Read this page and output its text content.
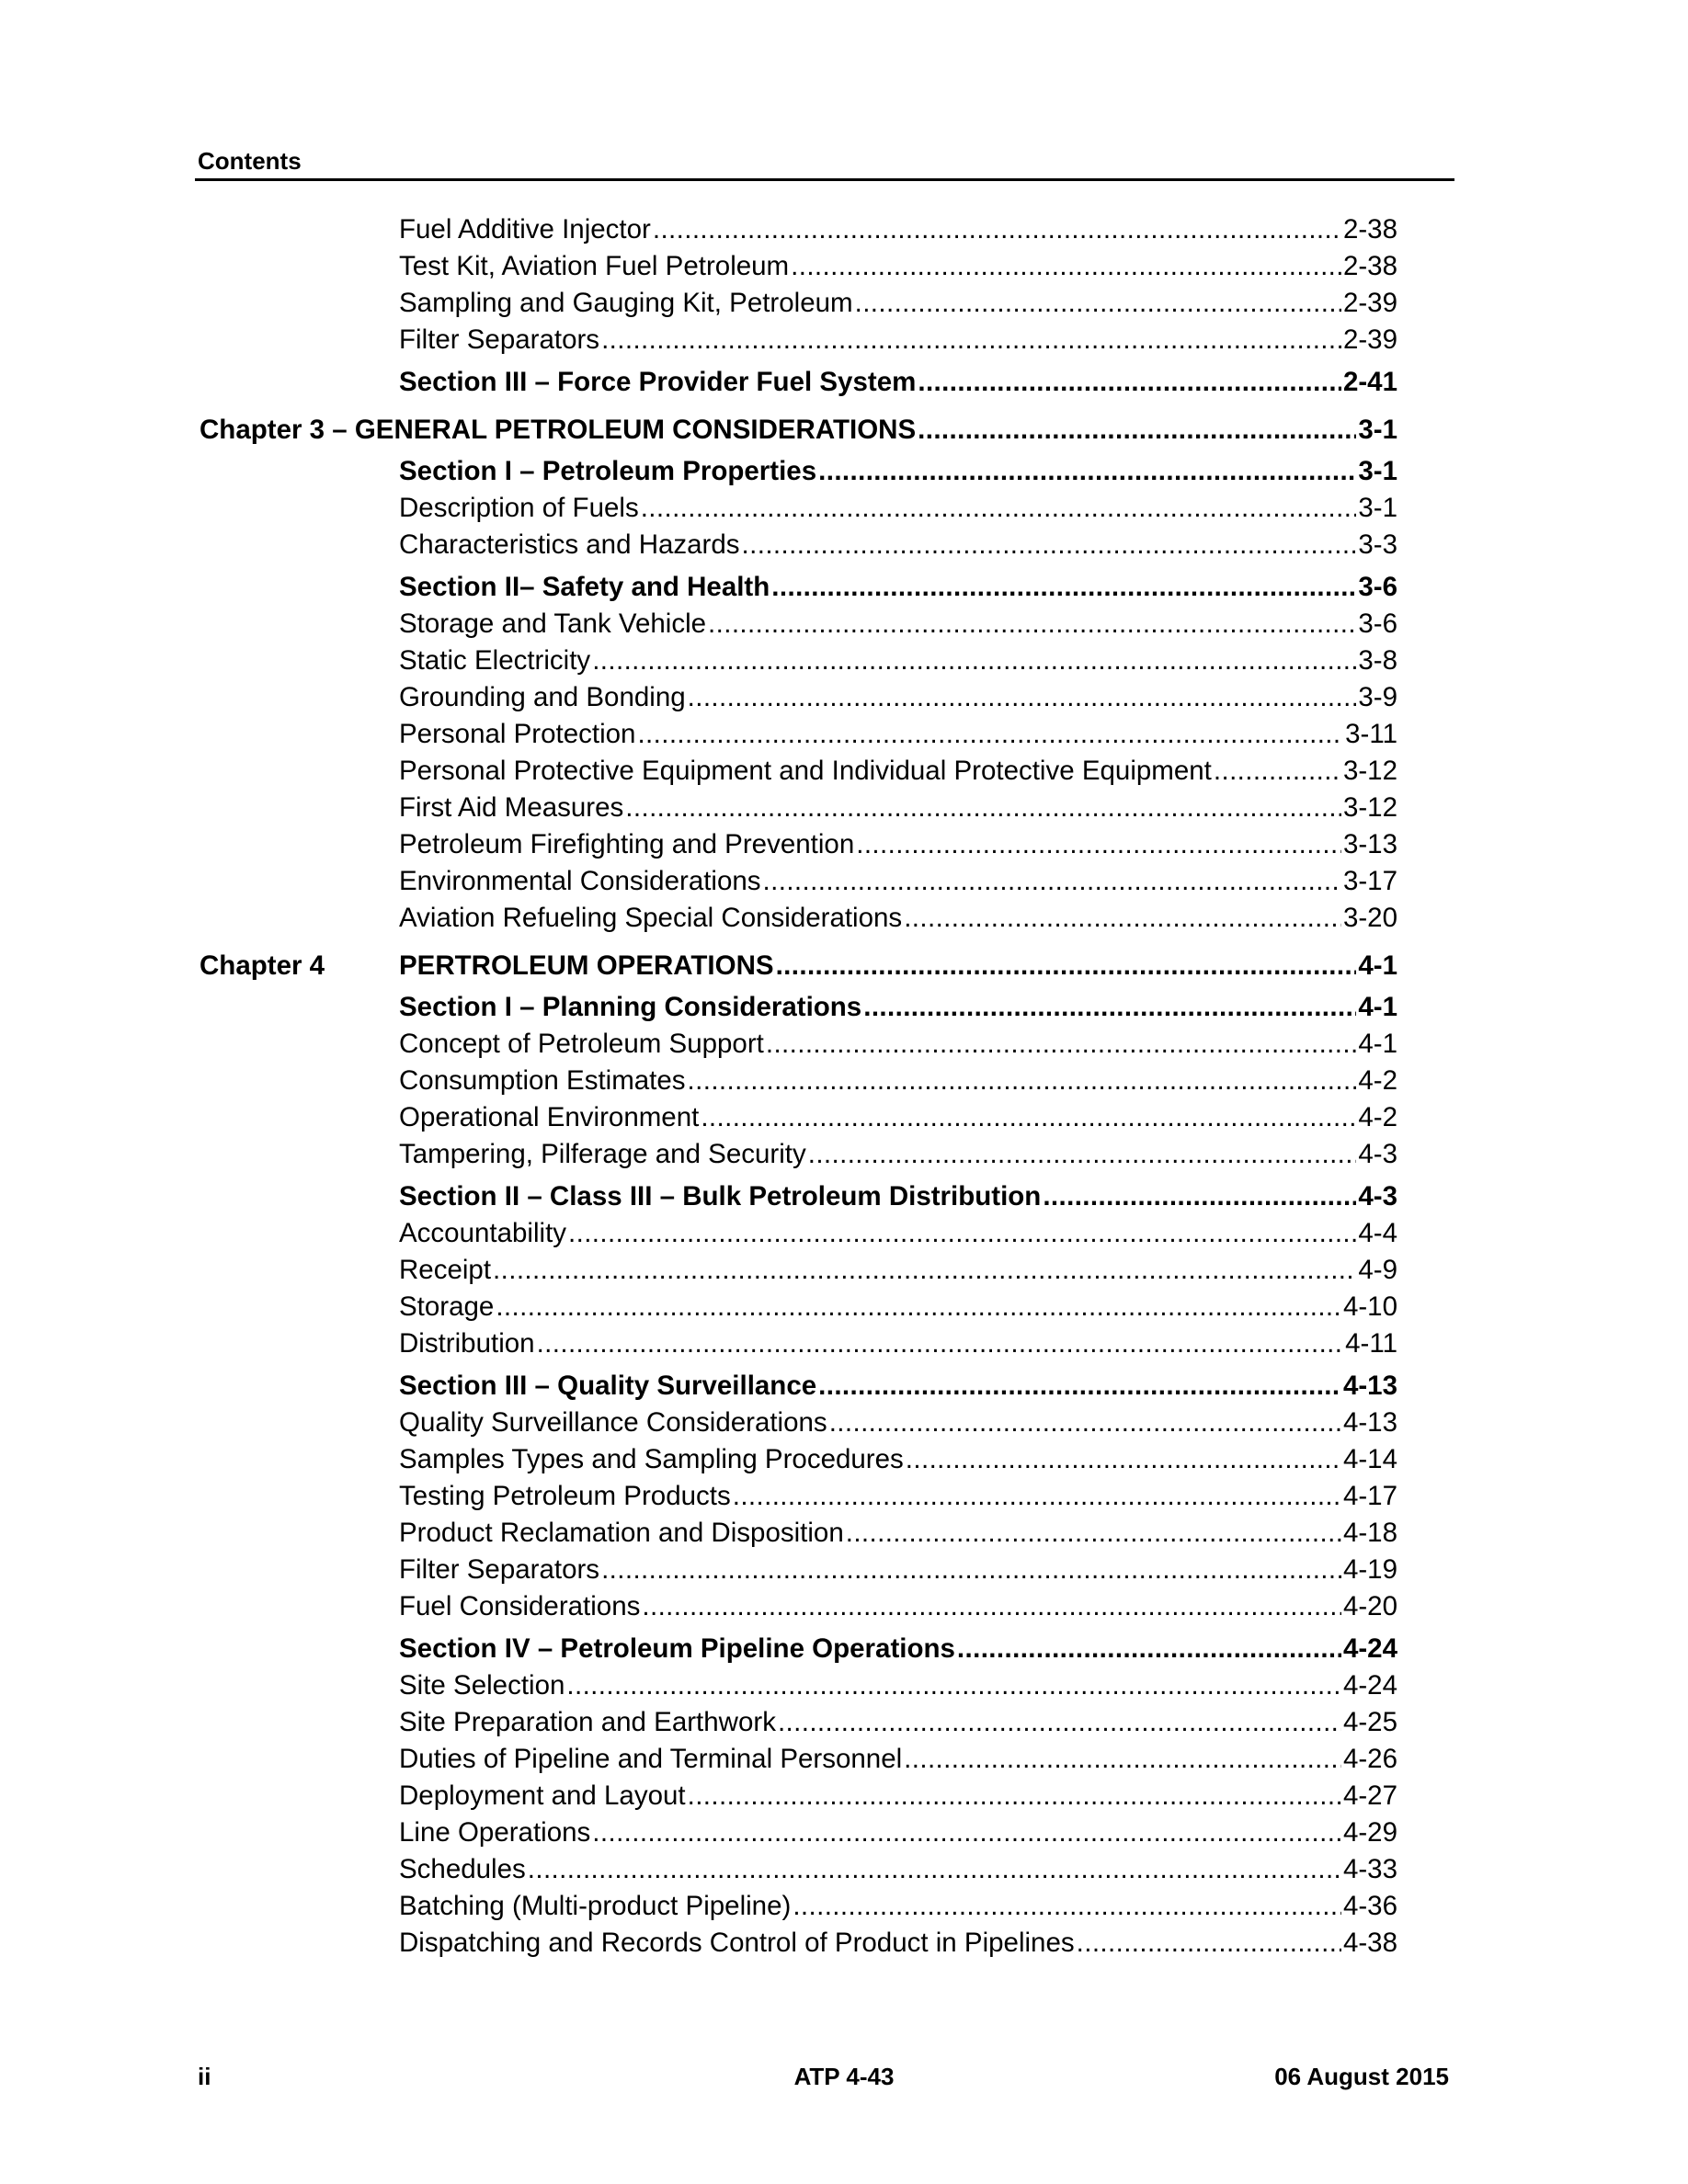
Contents
Fuel Additive Injector .....	2-38
Test Kit, Aviation Fuel Petroleum .....	2-38
Sampling and Gauging Kit, Petroleum .....	2-39
Filter Separators .....	2-39
Section III – Force Provider Fuel System .....	2-41
Chapter 3 – GENERAL PETROLEUM CONSIDERATIONS .....	3-1
Section I – Petroleum Properties .....	3-1
Description of Fuels .....	3-1
Characteristics and Hazards .....	3-3
Section II– Safety and Health .....	3-6
Storage and Tank Vehicle .....	3-6
Static Electricity .....	3-8
Grounding and Bonding .....	3-9
Personal Protection .....	3-11
Personal Protective Equipment and Individual Protective Equipment .....	3-12
First Aid Measures .....	3-12
Petroleum Firefighting and Prevention .....	3-13
Environmental Considerations .....	3-17
Aviation Refueling Special Considerations .....	3-20
Chapter 4	PERTROLEUM OPERATIONS .....	4-1
Section I – Planning Considerations .....	4-1
Concept of Petroleum Support .....	4-1
Consumption Estimates .....	4-2
Operational Environment .....	4-2
Tampering, Pilferage and Security .....	4-3
Section II – Class III – Bulk Petroleum Distribution .....	4-3
Accountability .....	4-4
Receipt .....	4-9
Storage .....	4-10
Distribution .....	4-11
Section III – Quality Surveillance .....	4-13
Quality Surveillance Considerations .....	4-13
Samples Types and Sampling Procedures .....	4-14
Testing Petroleum Products .....	4-17
Product Reclamation and Disposition .....	4-18
Filter Separators .....	4-19
Fuel Considerations .....	4-20
Section IV – Petroleum Pipeline Operations .....	4-24
Site Selection .....	4-24
Site Preparation and Earthwork .....	4-25
Duties of Pipeline and Terminal Personnel .....	4-26
Deployment and Layout .....	4-27
Line Operations .....	4-29
Schedules .....	4-33
Batching (Multi-product Pipeline) .....	4-36
Dispatching and Records Control of Product in Pipelines .....	4-38
ii	ATP 4-43	06 August 2015
